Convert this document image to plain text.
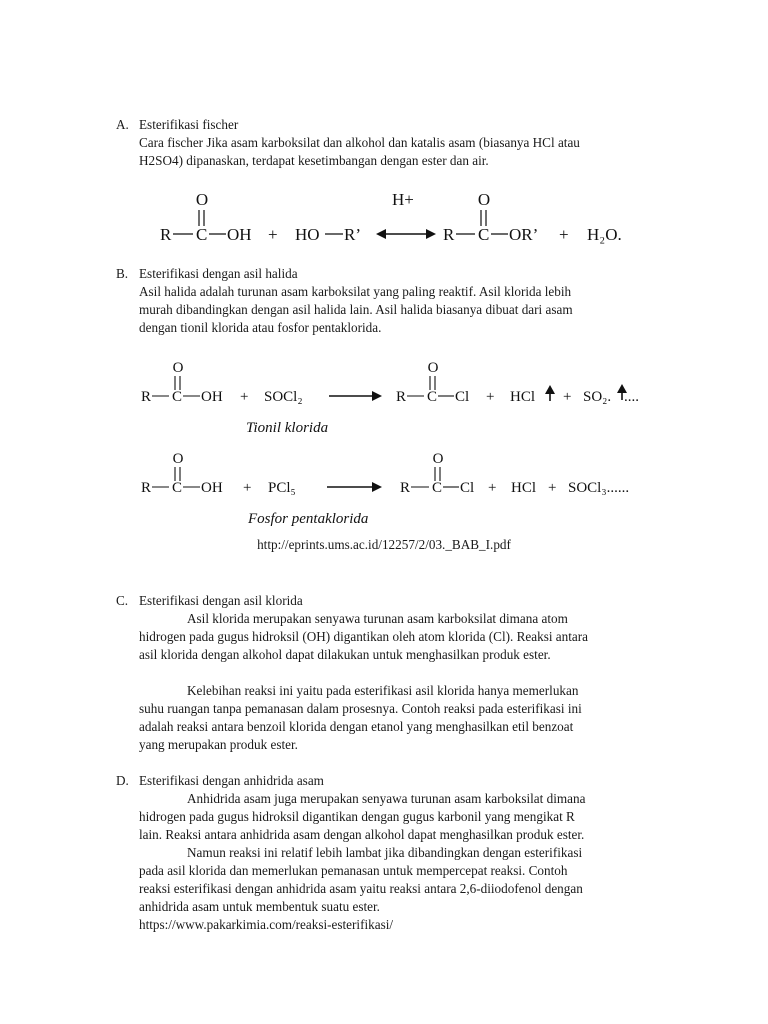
A. Esterifikasi fischer
Cara fischer Jika asam karboksilat dan alkohol dan katalis asam (biasanya HCl atau
H2SO4) dipanaskan, terdapat kesetimbangan dengan ester dan air.
O
R C OH + HO R’
H+	O
R C OR’ + H₂O.
B. Esterifikasi dengan asil halida
Asil halida adalah turunan asam karboksilat yang paling reaktif. Asil klorida lebih
murah dibandingkan dengan asil halida lain. Asil halida biasanya dibuat dari asam
dengan tionil klorida atau fosfor pentaklorida.
O
R C OH + SOCl₂
O
R C Cl + HCl + SO₂. ....
Tionil klorida
O
R C OH + PCl₅
O
R C Cl + HCl + SOCl₃......
Fosfor pentaklorida
http://eprints.ums.ac.id/12257/2/03._BAB_I.pdf
C. Esterifikasi dengan asil klorida
Asil klorida merupakan senyawa turunan asam karboksilat dimana atom
hidrogen pada gugus hidroksil (OH) digantikan oleh atom klorida (Cl). Reaksi antara
asil klorida dengan alkohol dapat dilakukan untuk menghasilkan produk ester.
Kelebihan reaksi ini yaitu pada esterifikasi asil klorida hanya memerlukan
suhu ruangan tanpa pemanasan dalam prosesnya. Contoh reaksi pada esterifikasi ini
adalah reaksi antara benzoil klorida dengan etanol yang menghasilkan etil benzoat
yang merupakan produk ester.
D. Esterifikasi dengan anhidrida asam
Anhidrida asam juga merupakan senyawa turunan asam karboksilat dimana
hidrogen pada gugus hidroksil digantikan dengan gugus karbonil yang mengikat R
lain. Reaksi antara anhidrida asam dengan alkohol dapat menghasilkan produk ester.
Namun reaksi ini relatif lebih lambat jika dibandingkan dengan esterifikasi
pada asil klorida dan memerlukan pemanasan untuk mempercepat reaksi. Contoh
reaksi esterifikasi dengan anhidrida asam yaitu reaksi antara 2,6-diiodofenol dengan
anhidrida asam untuk membentuk suatu ester.
https://www.pakarkimia.com/reaksi-esterifikasi/
